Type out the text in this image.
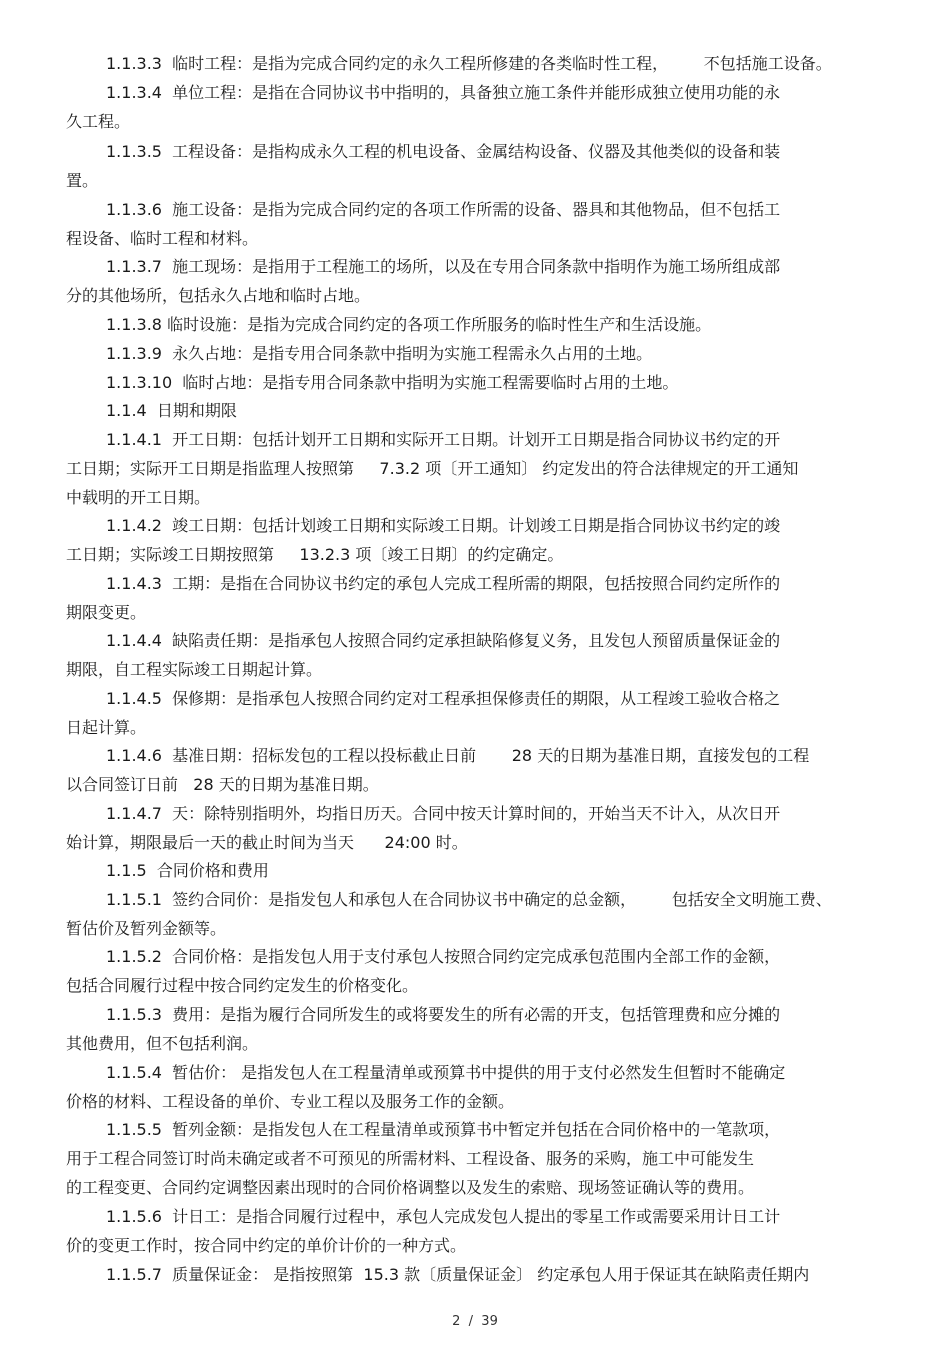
1.1.3.3  临时工程：是指为完成合同约定的永久工程所修建的各类临时性工程，       不包括施工设备。
1.1.3.4  单位工程：是指在合同协议书中指明的，具备独立施工条件并能形成独立使用功能的永
久工程。
1.1.3.5  工程设备：是指构成永久工程的机电设备、金属结构设备、仪器及其他类似的设备和装
置。
1.1.3.6  施工设备：是指为完成合同约定的各项工作所需的设备、器具和其他物品，但不包括工
程设备、临时工程和材料。
1.1.3.7  施工现场：是指用于工程施工的场所，以及在专用合同条款中指明作为施工场所组成部
分的其他场所，包括永久占地和临时占地。
1.1.3.8 临时设施：是指为完成合同约定的各项工作所服务的临时性生产和生活设施。
1.1.3.9  永久占地：是指专用合同条款中指明为实施工程需永久占用的土地。
1.1.3.10  临时占地：是指专用合同条款中指明为实施工程需要临时占用的土地。
1.1.4  日期和期限
1.1.4.1  开工日期：包括计划开工日期和实际开工日期。计划开工日期是指合同协议书约定的开
工日期；实际开工日期是指监理人按照第     7.3.2 项〔开工通知〕 约定发出的符合法律规定的开工通知
中载明的开工日期。
1.1.4.2  竣工日期：包括计划竣工日期和实际竣工日期。计划竣工日期是指合同协议书约定的竣
工日期；实际竣工日期按照第     13.2.3 项〔竣工日期〕的约定确定。
1.1.4.3  工期：是指在合同协议书约定的承包人完成工程所需的期限，包括按照合同约定所作的
期限变更。
1.1.4.4  缺陷责任期：是指承包人按照合同约定承担缺陷修复义务，且发包人预留质量保证金的
期限，自工程实际竣工日期起计算。
1.1.4.5  保修期：是指承包人按照合同约定对工程承担保修责任的期限，从工程竣工验收合格之
日起计算。
1.1.4.6  基准日期：招标发包的工程以投标截止日前       28 天的日期为基准日期，直接发包的工程
以合同签订日前   28 天的日期为基准日期。
1.1.4.7  天：除特别指明外，均指日历天。合同中按天计算时间的，开始当天不计入，从次日开
始计算，期限最后一天的截止时间为当天      24:00 时。
1.1.5  合同价格和费用
1.1.5.1  签约合同价：是指发包人和承包人在合同协议书中确定的总金额，       包括安全文明施工费、
暂估价及暂列金额等。
1.1.5.2  合同价格：是指发包人用于支付承包人按照合同约定完成承包范围内全部工作的金额，
包括合同履行过程中按合同约定发生的价格变化。
1.1.5.3  费用：是指为履行合同所发生的或将要发生的所有必需的开支，包括管理费和应分摊的
其他费用，但不包括利润。
1.1.5.4  暂估价： 是指发包人在工程量清单或预算书中提供的用于支付必然发生但暂时不能确定
价格的材料、工程设备的单价、专业工程以及服务工作的金额。
1.1.5.5  暂列金额：是指发包人在工程量清单或预算书中暂定并包括在合同价格中的一笔款项，
用于工程合同签订时尚未确定或者不可预见的所需材料、工程设备、服务的采购，施工中可能发生
的工程变更、合同约定调整因素出现时的合同价格调整以及发生的索赔、现场签证确认等的费用。
1.1.5.6  计日工：是指合同履行过程中，承包人完成发包人提出的零星工作或需要采用计日工计
价的变更工作时，按合同中约定的单价计价的一种方式。
1.1.5.7  质量保证金： 是指按照第  15.3 款〔质量保证金〕 约定承包人用于保证其在缺陷责任期内
2  /  39
